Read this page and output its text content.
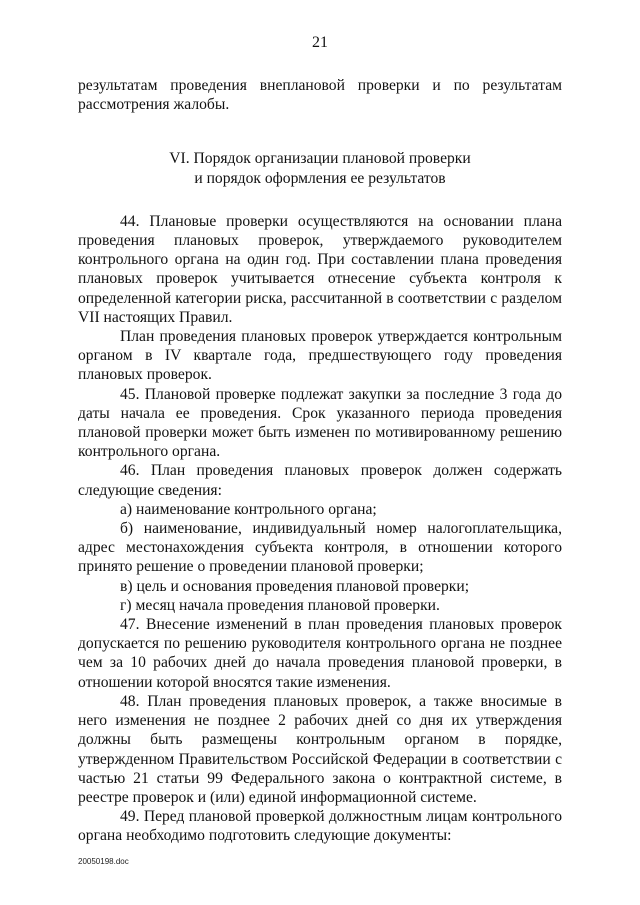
21

результатам проведения внеплановой проверки и по результатам рассмотрения жалобы.

VI. Порядок организации плановой проверки
и порядок оформления ее результатов

44. Плановые проверки осуществляются на основании плана проведения плановых проверок, утверждаемого руководителем контрольного органа на один год. При составлении плана проведения плановых проверок учитывается отнесение субъекта контроля к определенной категории риска, рассчитанной в соответствии с разделом VII настоящих Правил.

План проведения плановых проверок утверждается контрольным органом в IV квартале года, предшествующего году проведения плановых проверок.

45. Плановой проверке подлежат закупки за последние 3 года до даты начала ее проведения. Срок указанного периода проведения плановой проверки может быть изменен по мотивированному решению контрольного органа.

46. План проведения плановых проверок должен содержать следующие сведения:

а) наименование контрольного органа;

б) наименование, индивидуальный номер налогоплательщика, адрес местонахождения субъекта контроля, в отношении которого принято решение о проведении плановой проверки;

в) цель и основания проведения плановой проверки;

г) месяц начала проведения плановой проверки.

47. Внесение изменений в план проведения плановых проверок допускается по решению руководителя контрольного органа не позднее чем за 10 рабочих дней до начала проведения плановой проверки, в отношении которой вносятся такие изменения.

48. План проведения плановых проверок, а также вносимые в него изменения не позднее 2 рабочих дней со дня их утверждения должны быть размещены контрольным органом в порядке, утвержденном Правительством Российской Федерации в соответствии с частью 21 статьи 99 Федерального закона о контрактной системе, в реестре проверок и (или) единой информационной системе.

49. Перед плановой проверкой должностным лицам контрольного органа необходимо подготовить следующие документы:

20050198.doc
